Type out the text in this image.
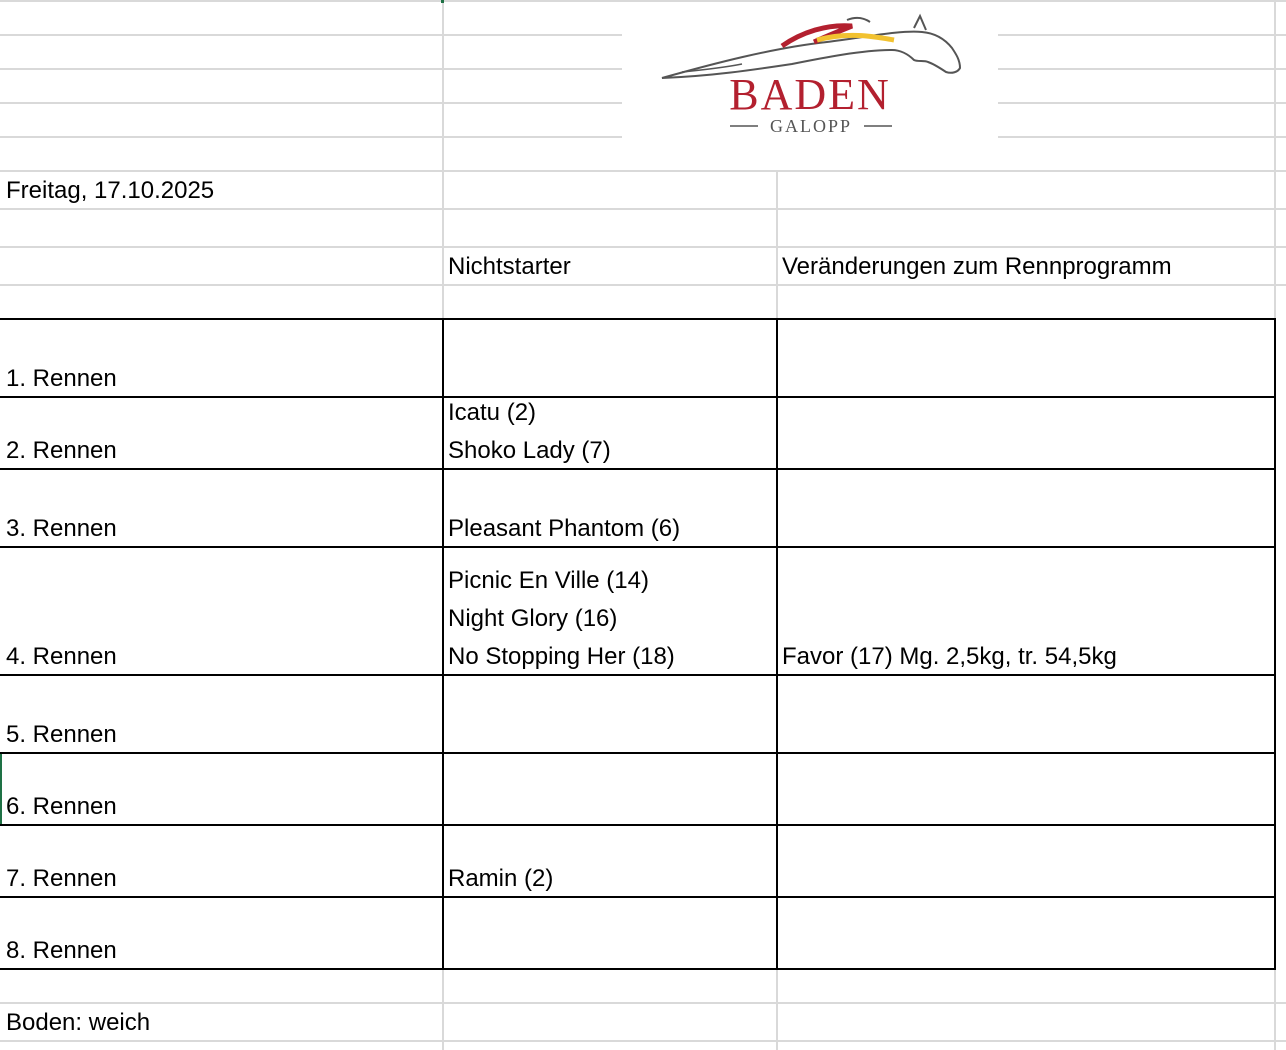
BADEN
GALOPP
Freitag, 17.10.2025
Nichtstarter	Veränderungen zum Rennprogramm
1. Rennen
2. Rennen
3. Rennen
4. Rennen
5. Rennen
6. Rennen
7. Rennen
8. Rennen
Icatu (2)
Shoko Lady (7)
Pleasant Phantom (6)
Picnic En Ville (14)
Night Glory (16)
No Stopping Her (18)
Ramin (2)
Favor (17) Mg. 2,5kg, tr. 54,5kg
Boden: weich
